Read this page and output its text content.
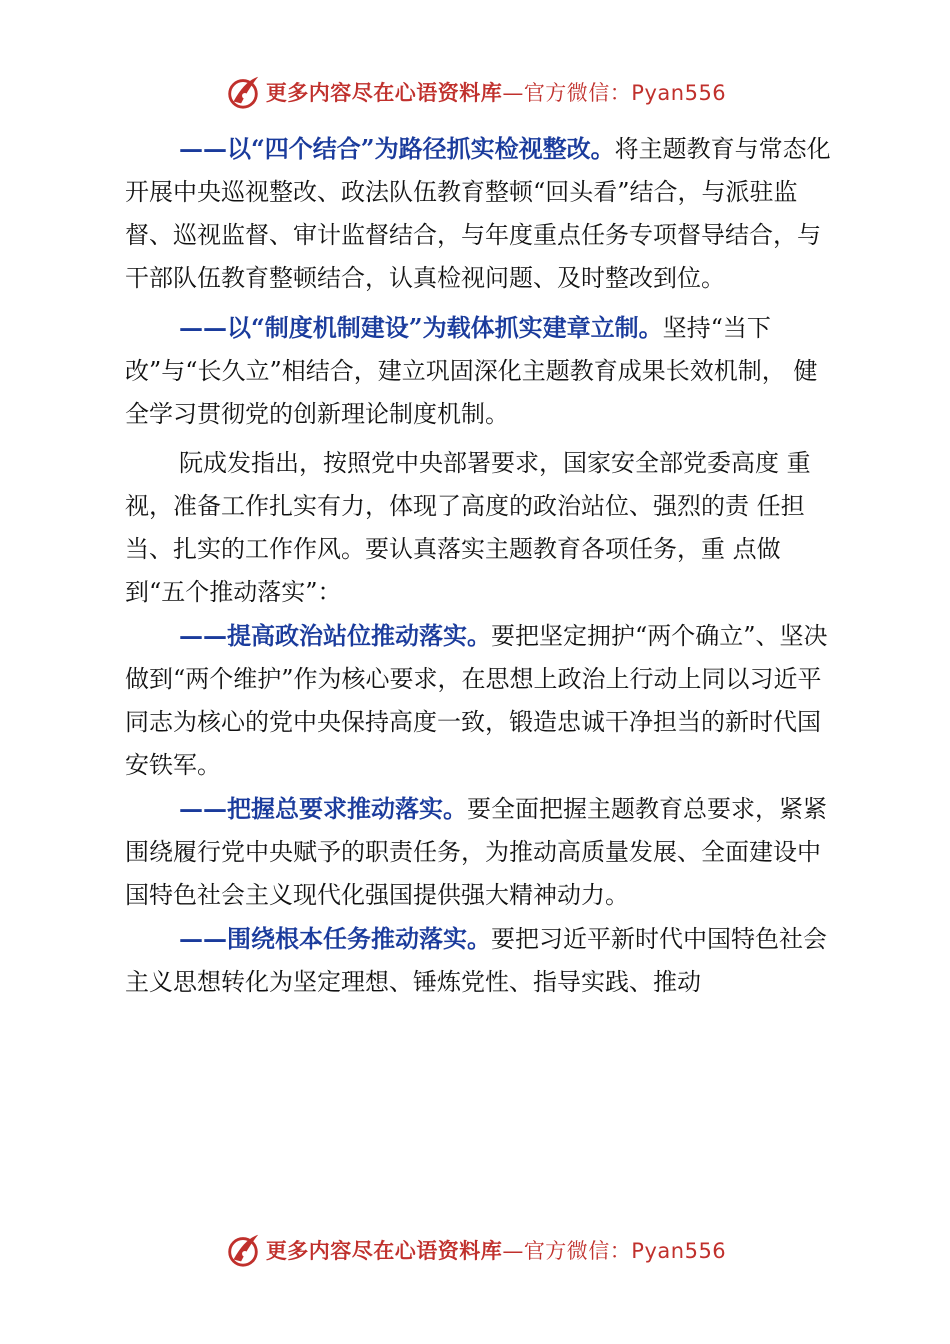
更多内容尽在心语资料库 —官方微信：Pyan556

——以“四个结合”为路径抓实检视整改。将主题教育与常态化开展中央巡视整改、政法队伍教育整顿“回头看”结合，与派驻监督、巡视监督、审计监督结合，与年度重点任务专项督导结合，与干部队伍教育整顿结合，认真检视问题、及时整改到位。

——以“制度机制建设”为载体抓实建章立制。坚持“当下改”与“长久立”相结合，建立巩固深化主题教育成果长效机制， 健全学习贯彻党的创新理论制度机制。

阮成发指出，按照党中央部署要求，国家安全部党委高度 重视，准备工作扎实有力，体现了高度的政治站位、强烈的责 任担当、扎实的工作作风。要认真落实主题教育各项任务，重 点做到“五个推动落实”：

——提高政治站位推动落实。要把坚定拥护“两个确立”、坚决做到“两个维护”作为核心要求，在思想上政治上行动上同以习近平同志为核心的党中央保持高度一致，锻造忠诚干净担当的新时代国安铁军。

——把握总要求推动落实。要全面把握主题教育总要求，紧紧围绕履行党中央赋予的职责任务，为推动高质量发展、全面建设中国特色社会主义现代化强国提供强大精神动力。

——围绕根本任务推动落实。要把习近平新时代中国特色社会主义思想转化为坚定理想、锤炼党性、指导实践、推动

更多内容尽在心语资料库 —官方微信：Pyan556
